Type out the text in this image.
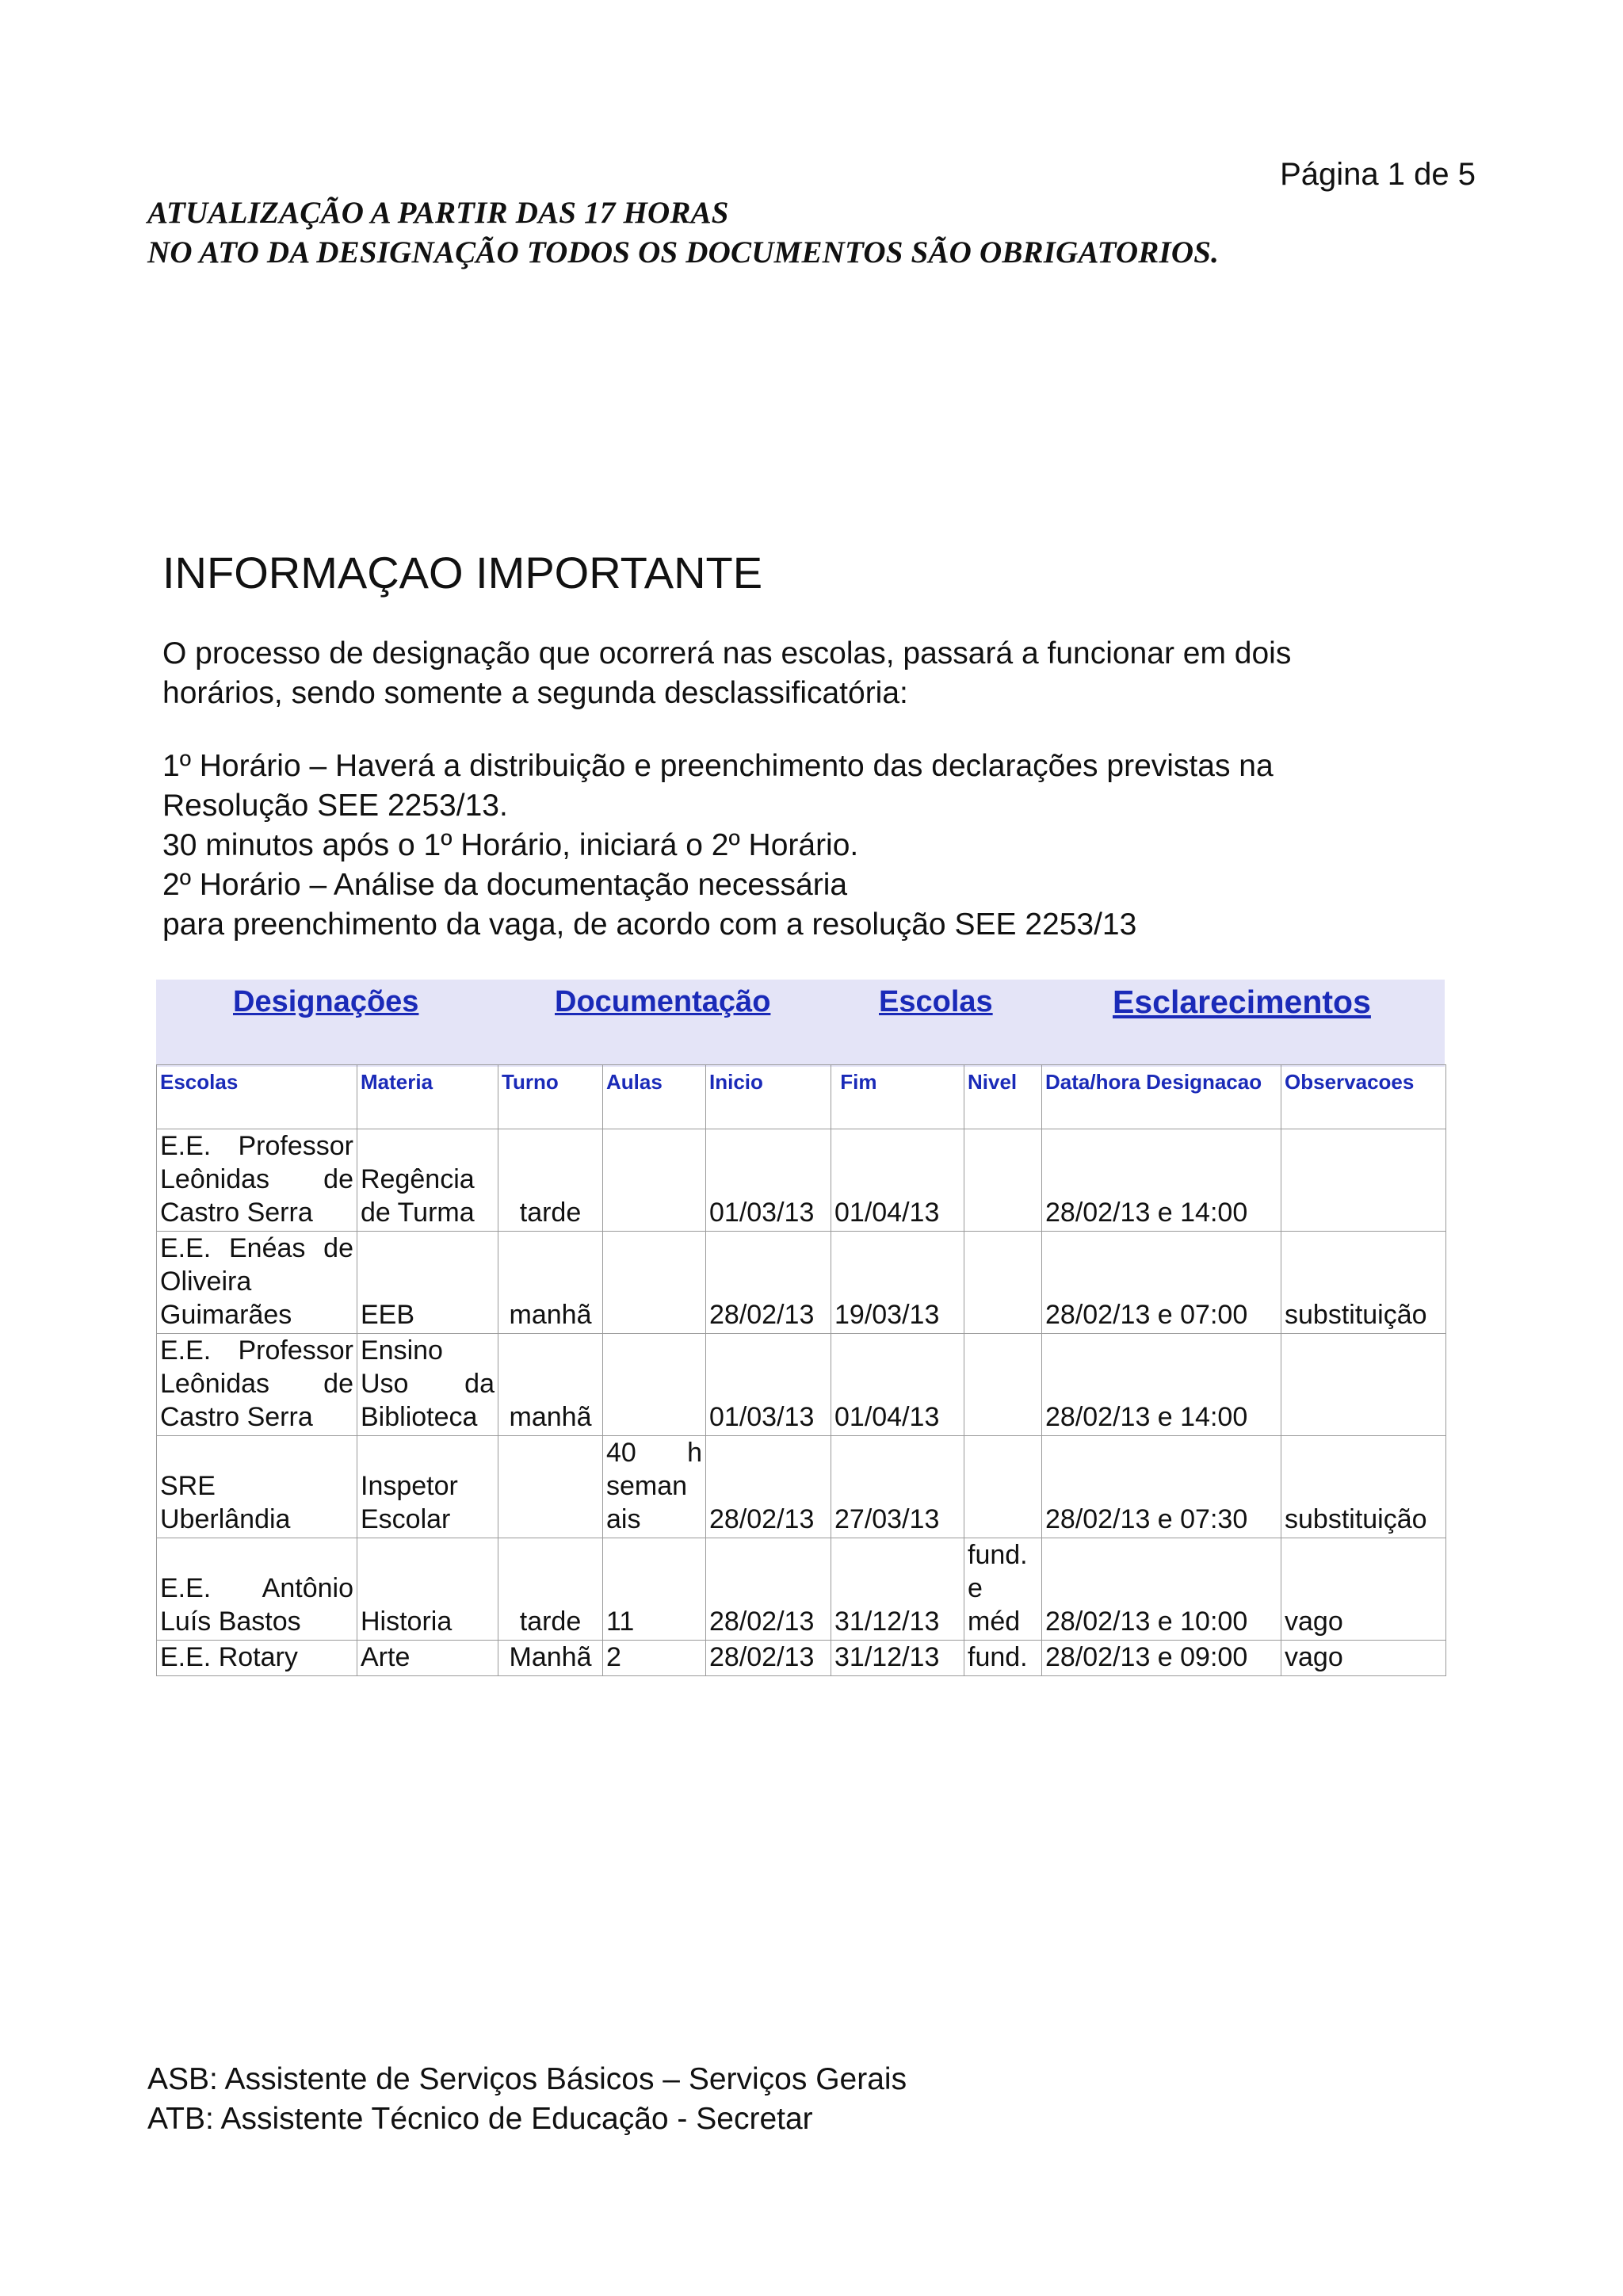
Página 1 de 5
ATUALIZAÇÃO A PARTIR DAS 17 HORAS
NO ATO DA DESIGNAÇÃO TODOS OS DOCUMENTOS SÃO OBRIGATORIOS.
INFORMAÇAO IMPORTANTE
O processo de designação que ocorrerá nas escolas, passará a funcionar em dois
horários, sendo somente a segunda desclassificatória:
1º Horário – Haverá a distribuição e preenchimento das declarações previstas na
Resolução SEE 2253/13.
30 minutos após o 1º Horário, iniciará o 2º Horário.
2º Horário – Análise da documentação necessária
para preenchimento da vaga, de acordo com a resolução SEE 2253/13
Designações	Documentação	Escolas	Esclarecimentos
Escolas	Materia	Turno	Aulas	Inicio	Fim	Nivel	Data/hora Designacao	Observacoes

E.E. Professor
Leônidas de
Castro Serra	Regência
de Turma	tarde		01/03/13	01/04/13		28/02/13 e 14:00	

E.E. Enéas de
Oliveira
Guimarães	EEB	manhã		28/02/13	19/03/13		28/02/13 e 07:00	substituição

E.E. Professor
Leônidas de
Castro Serra	Ensino
Uso da
Biblioteca	manhã		01/03/13	01/04/13		28/02/13 e 14:00	

SRE
Uberlândia	Inspetor
Escolar		40 h
seman
ais	28/02/13	27/03/13		28/02/13 e 07:30	substituição

E.E. Antônio
Luís Bastos	Historia	tarde	11	28/02/13	31/12/13	fund.
e
méd	28/02/13 e 10:00	vago
E.E. Rotary	Arte	Manhã	2	28/02/13	31/12/13	fund.	28/02/13 e 09:00	vago
ASB: Assistente de Serviços Básicos – Serviços Gerais
ATB: Assistente Técnico de Educação - Secretar
